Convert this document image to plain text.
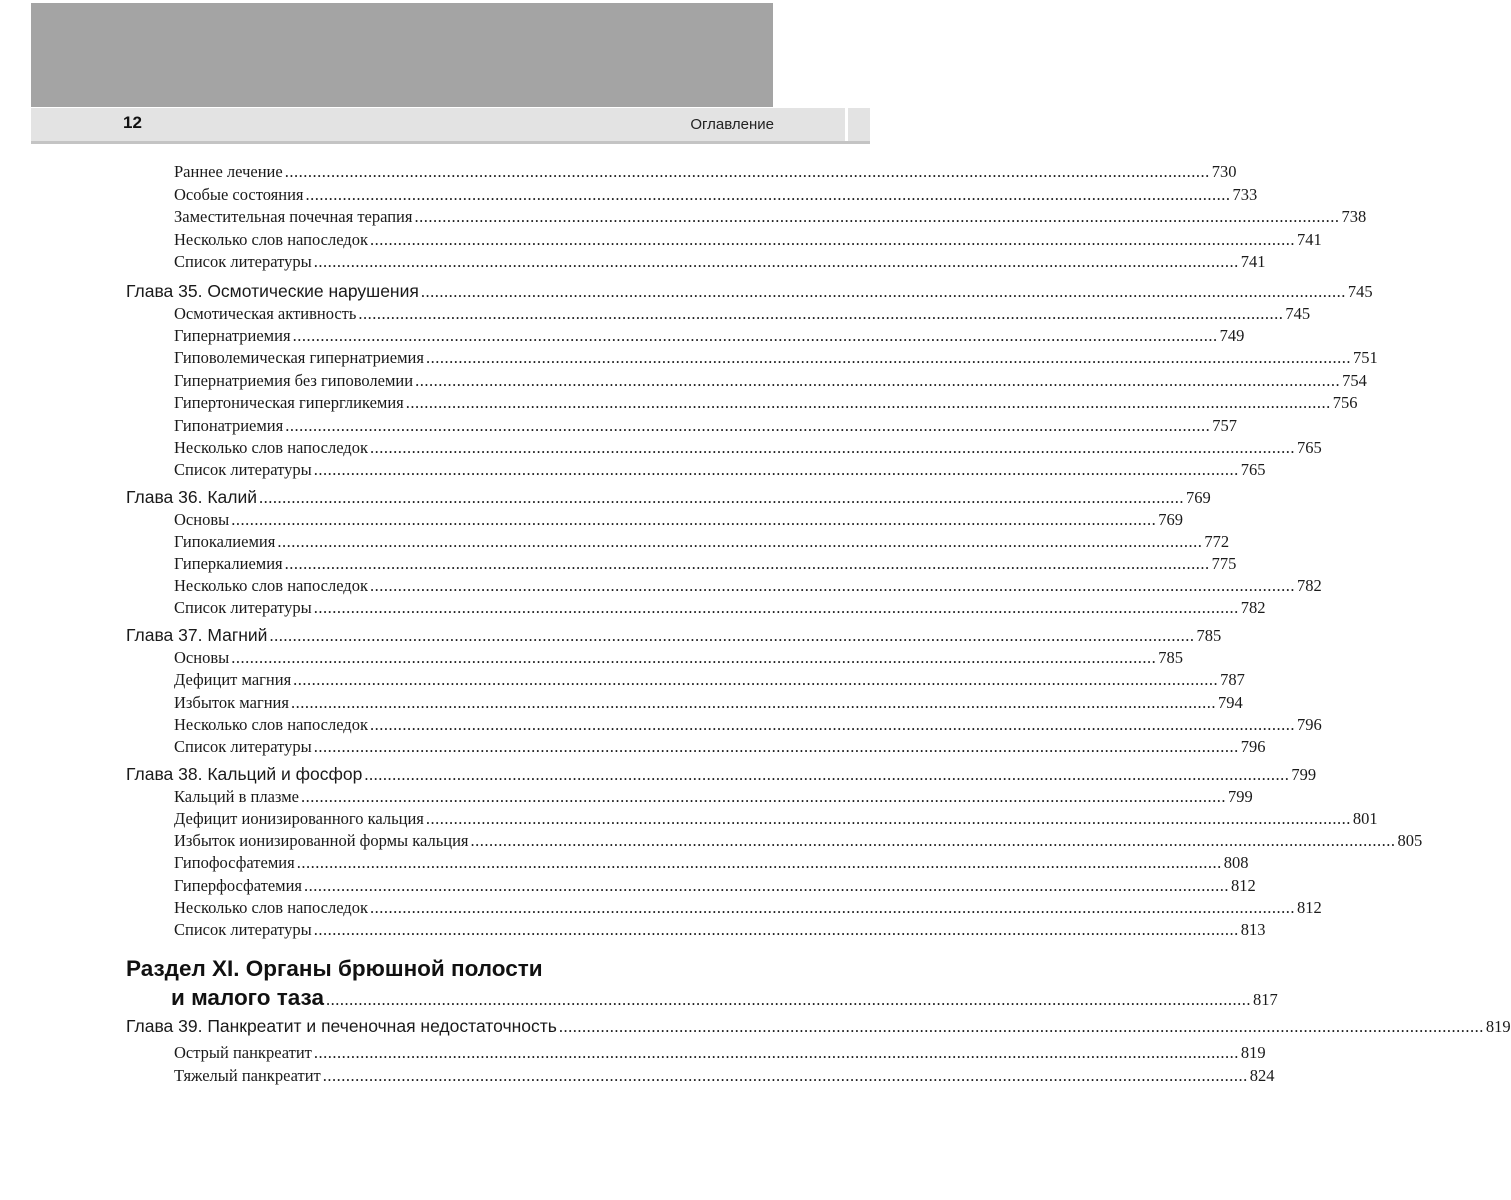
12	Оглавление
Раннее лечение ........................................................................................................................................................................................................ 730
Особые состояния ........................................................................................................................................................................................................ 733
Заместительная почечная терапия ........................................................................................................................................................................................................ 738
Несколько слов напоследок ........................................................................................................................................................................................................ 741
Список литературы ........................................................................................................................................................................................................ 741
Глава 35. Осмотические нарушения ........................................................................................................................................................................................................ 745
Осмотическая активность ........................................................................................................................................................................................................ 745
Гипернатриемия ........................................................................................................................................................................................................ 749
Гиповолемическая гипернатриемия ........................................................................................................................................................................................................ 751
Гипернатриемия без гиповолемии ........................................................................................................................................................................................................ 754
Гипертоническая гипергликемия ........................................................................................................................................................................................................ 756
Гипонатриемия ........................................................................................................................................................................................................ 757
Несколько слов напоследок ........................................................................................................................................................................................................ 765
Список литературы ........................................................................................................................................................................................................ 765
Глава 36. Калий ........................................................................................................................................................................................................ 769
Основы ........................................................................................................................................................................................................ 769
Гипокалиемия ........................................................................................................................................................................................................ 772
Гиперкалиемия ........................................................................................................................................................................................................ 775
Несколько слов напоследок ........................................................................................................................................................................................................ 782
Список литературы ........................................................................................................................................................................................................ 782
Глава 37. Магний ........................................................................................................................................................................................................ 785
Основы ........................................................................................................................................................................................................ 785
Дефицит магния ........................................................................................................................................................................................................ 787
Избыток магния ........................................................................................................................................................................................................ 794
Несколько слов напоследок ........................................................................................................................................................................................................ 796
Список литературы ........................................................................................................................................................................................................ 796
Глава 38. Кальций и фосфор ........................................................................................................................................................................................................ 799
Кальций в плазме ........................................................................................................................................................................................................ 799
Дефицит ионизированного кальция ........................................................................................................................................................................................................ 801
Избыток ионизированной формы кальция ........................................................................................................................................................................................................ 805
Гипофосфатемия ........................................................................................................................................................................................................ 808
Гиперфосфатемия ........................................................................................................................................................................................................ 812
Несколько слов напоследок ........................................................................................................................................................................................................ 812
Список литературы ........................................................................................................................................................................................................ 813
Глава 39. Панкреатит и печеночная недостаточность ........................................................................................................................................................................................................ 819
Острый панкреатит ........................................................................................................................................................................................................ 819
Тяжелый панкреатит ........................................................................................................................................................................................................ 824
Раздел XI. Органы брюшной полости
и малого таза ........................................................................................................................................................................................................ 817
